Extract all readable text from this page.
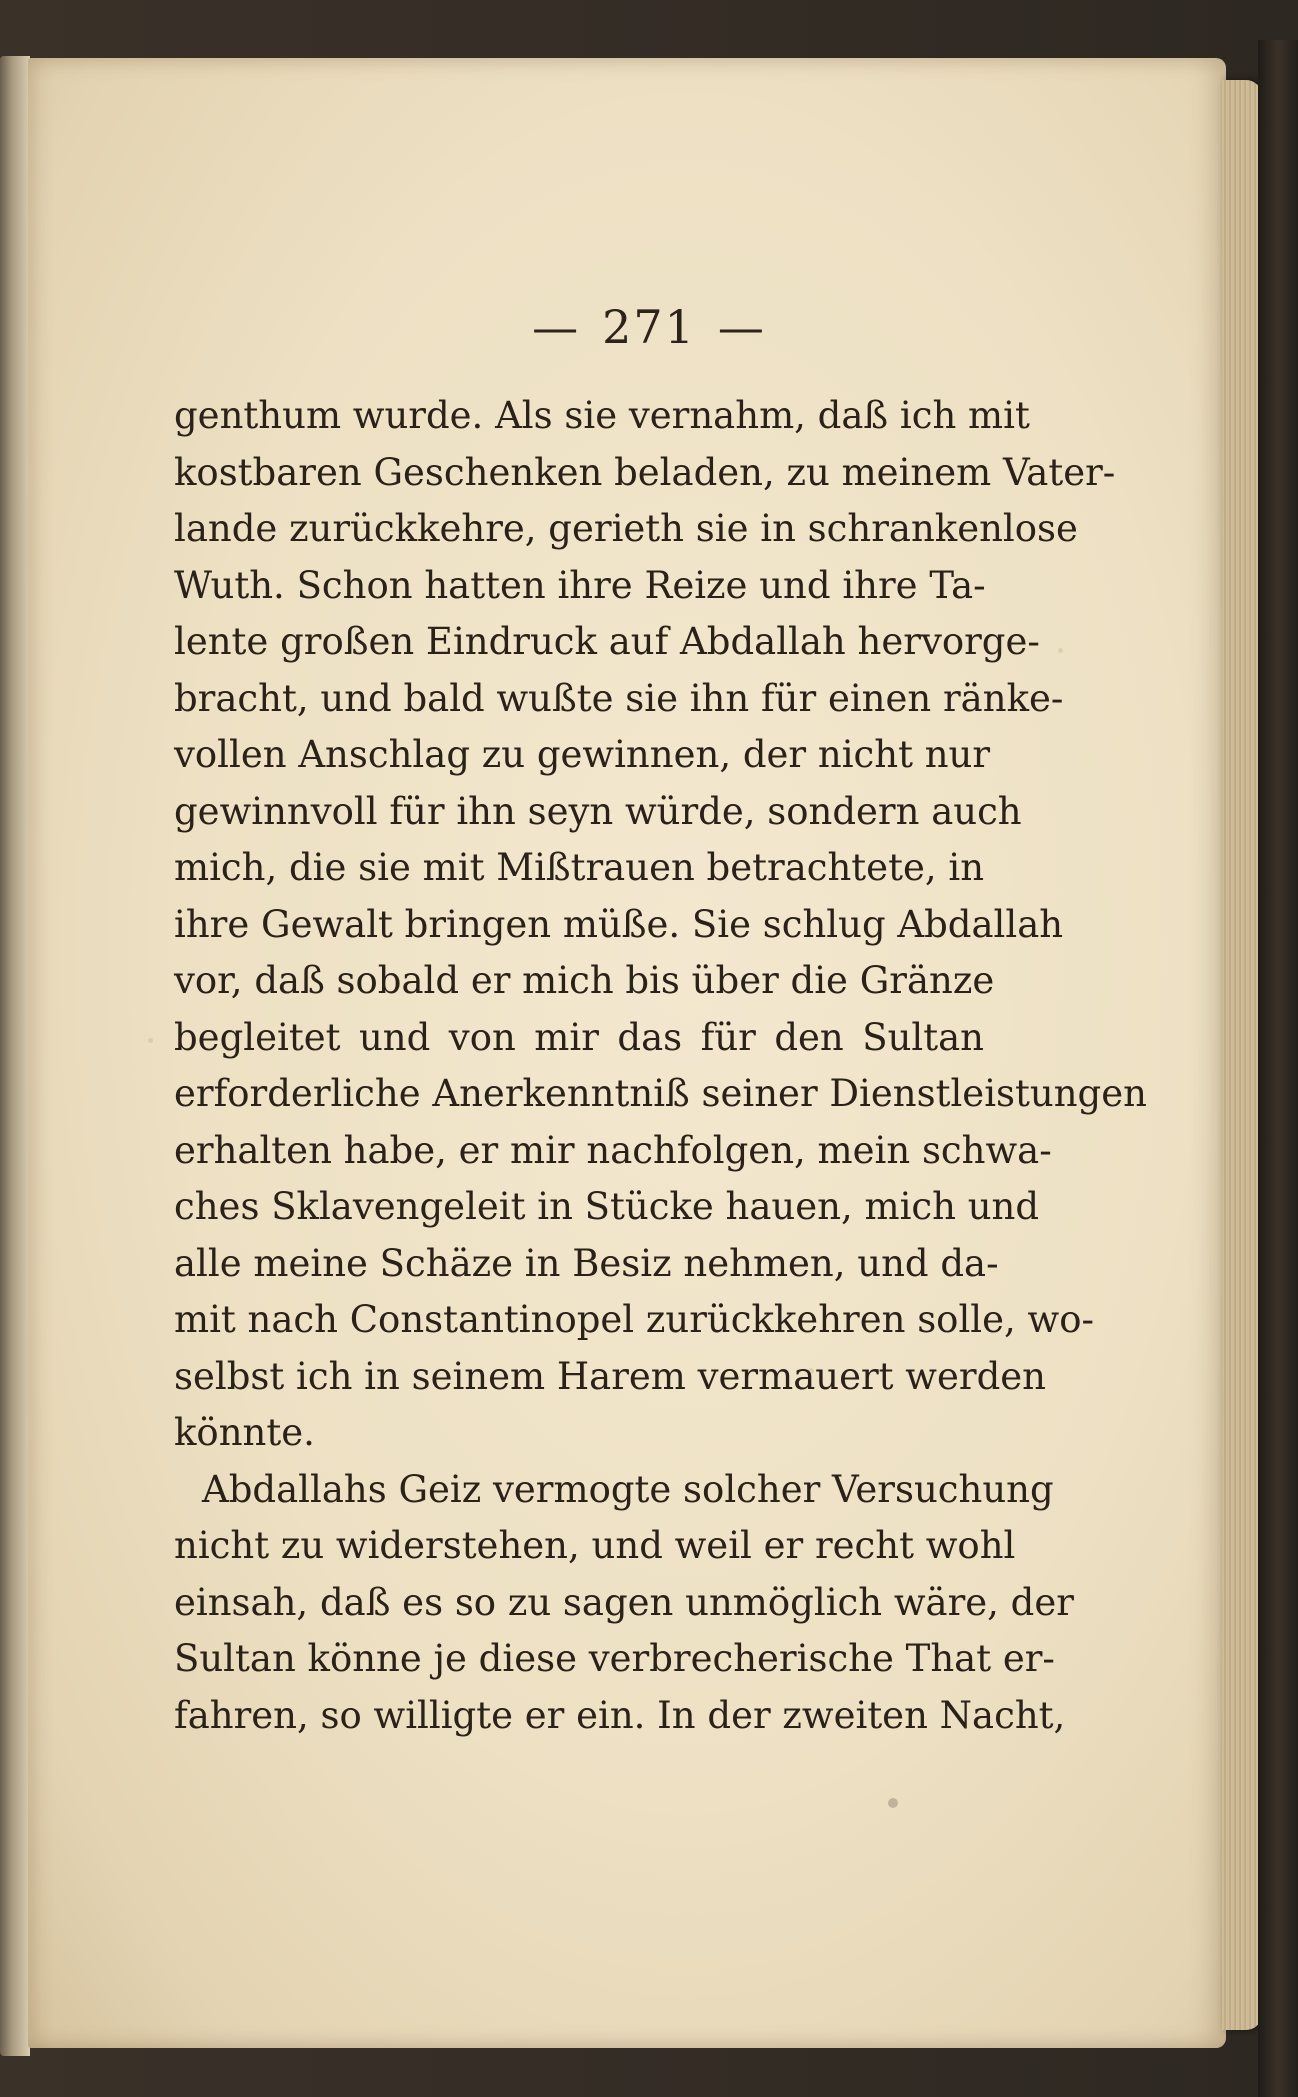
— 271 —
genthum wurde. Als sie vernahm, daß ich mit
kostbaren Geschenken beladen, zu meinem Vater-
lande zurückkehre, gerieth sie in schrankenlose
Wuth. Schon hatten ihre Reize und ihre Ta-
lente großen Eindruck auf Abdallah hervorge-
bracht, und bald wußte sie ihn für einen ränke-
vollen Anschlag zu gewinnen, der nicht nur
gewinnvoll für ihn seyn würde, sondern auch
mich, die sie mit Mißtrauen betrachtete, in
ihre Gewalt bringen müße. Sie schlug Abdallah
vor, daß sobald er mich bis über die Gränze
begleitet und von mir das für den Sultan
erforderliche Anerkenntniß seiner Dienstleistungen
erhalten habe, er mir nachfolgen, mein schwa-
ches Sklavengeleit in Stücke hauen, mich und
alle meine Schäze in Besiz nehmen, und da-
mit nach Constantinopel zurückkehren solle, wo-
selbst ich in seinem Harem vermauert werden
könnte.
Abdallahs Geiz vermogte solcher Versuchung
nicht zu widerstehen, und weil er recht wohl
einsah, daß es so zu sagen unmöglich wäre, der
Sultan könne je diese verbrecherische That er-
fahren, so willigte er ein. In der zweiten Nacht,
